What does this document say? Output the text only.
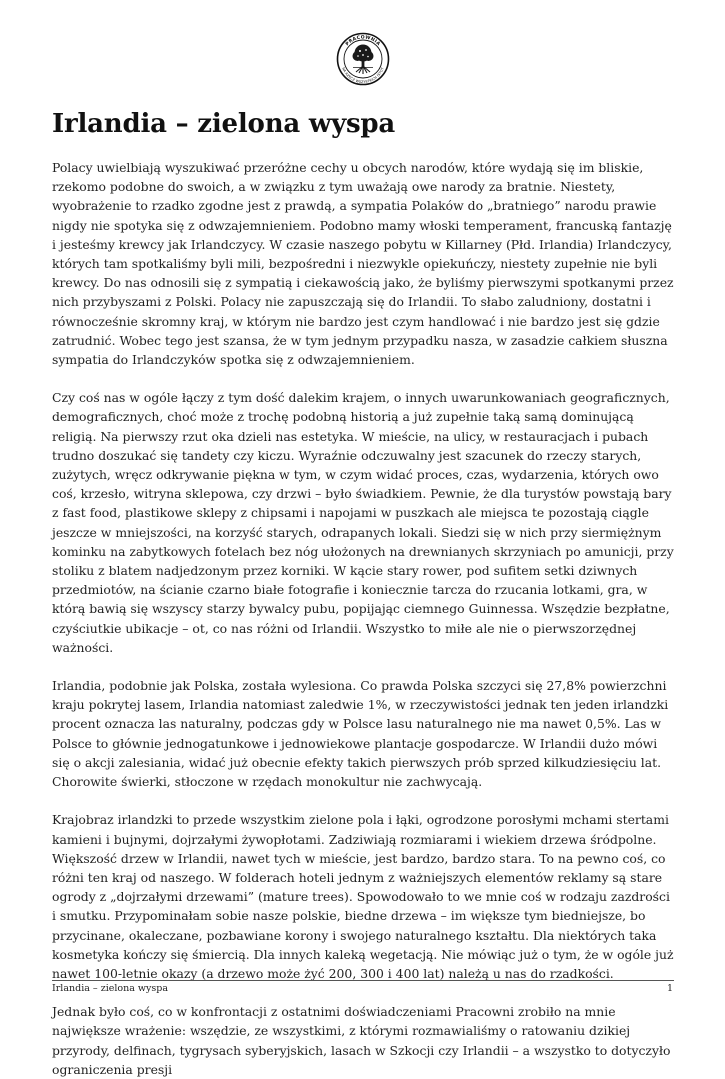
PRACOWNIA
NA RZECZ WSZYSTKICH ISTOT
Irlandia – zielona wyspa

Polacy uwielbiają wyszukiwać przeróżne cechy u obcych narodów, które wydają się im bliskie, rzekomo podobne do swoich, a w związku z tym uważają owe narody za bratnie. Niestety, wyobrażenie to rzadko zgodne jest z prawdą, a sympatia Polaków do „bratniego” narodu prawie nigdy nie spotyka się z odwzajemnieniem. Podobno mamy włoski temperament, francuską fantazję i jesteśmy krewcy jak Irlandczycy. W czasie naszego pobytu w Killarney (Płd. Irlandia) Irlandczycy, których tam spotkaliśmy byli mili, bezpośredni i niezwykle opiekuńczy, niestety zupełnie nie byli krewcy. Do nas odnosili się z sympatią i ciekawością jako, że byliśmy pierwszymi spotkanymi przez nich przybyszami z Polski. Polacy nie zapuszczają się do Irlandii. To słabo zaludniony, dostatni i równocześnie skromny kraj, w którym nie bardzo jest czym handlować i nie bardzo jest się gdzie zatrudnić. Wobec tego jest szansa, że w tym jednym przypadku nasza, w zasadzie całkiem słuszna sympatia do Irlandczyków spotka się z odwzajemnieniem.

Czy coś nas w ogóle łączy z tym dość dalekim krajem, o innych uwarunkowaniach geograficznych, demograficznych, choć może z trochę podobną historią a już zupełnie taką samą dominującą religią. Na pierwszy rzut oka dzieli nas estetyka. W mieście, na ulicy, w restauracjach i pubach trudno doszukać się tandety czy kiczu. Wyraźnie odczuwalny jest szacunek do rzeczy starych, zużytych, wręcz odkrywanie piękna w tym, w czym widać proces, czas, wydarzenia, których owo coś, krzesło, witryna sklepowa, czy drzwi – było świadkiem. Pewnie, że dla turystów powstają bary z fast food, plastikowe sklepy z chipsami i napojami w puszkach ale miejsca te pozostają ciągle jeszcze w mniejszości, na korzyść starych, odrapanych lokali. Siedzi się w nich przy siermiężnym kominku na zabytkowych fotelach bez nóg ułożonych na drewnianych skrzyniach po amunicji, przy stoliku z blatem nadjedzonym przez korniki. W kącie stary rower, pod sufitem setki dziwnych przedmiotów, na ścianie czarno białe fotografie i koniecznie tarcza do rzucania lotkami, gra, w którą bawią się wszyscy starzy bywalcy pubu, popijając ciemnego Guinnessa. Wszędzie bezpłatne, czyściutkie ubikacje – ot, co nas różni od Irlandii. Wszystko to miłe ale nie o pierwszorzędnej ważności.

Irlandia, podobnie jak Polska, została wylesiona. Co prawda Polska szczyci się 27,8% powierzchni kraju pokrytej lasem, Irlandia natomiast zaledwie 1%, w rzeczywistości jednak ten jeden irlandzki procent oznacza las naturalny, podczas gdy w Polsce lasu naturalnego nie ma nawet 0,5%. Las w Polsce to głównie jednogatunkowe i jednowiekowe plantacje gospodarcze. W Irlandii dużo mówi się o akcji zalesiania, widać już obecnie efekty takich pierwszych prób sprzed kilkudziesięciu lat. Chorowite świerki, stłoczone w rzędach monokultur nie zachwycają.

Krajobraz irlandzki to przede wszystkim zielone pola i łąki, ogrodzone porosłymi mchami stertami kamieni i bujnymi, dojrzałymi żywopłotami. Zadziwiają rozmiarami i wiekiem drzewa śródpolne. Większość drzew w Irlandii, nawet tych w mieście, jest bardzo, bardzo stara. To na pewno coś, co różni ten kraj od naszego. W folderach hoteli jednym z ważniejszych elementów reklamy są stare ogrody z „dojrzałymi drzewami” (mature trees). Spowodowało to we mnie coś w rodzaju zazdrości i smutku. Przypominałam sobie nasze polskie, biedne drzewa – im większe tym biedniejsze, bo przycinane, okaleczane, pozbawiane korony i swojego naturalnego kształtu. Dla niektórych taka kosmetyka kończy się śmiercią. Dla innych kaleką wegetacją. Nie mówiąc już o tym, że w ogóle już nawet 100-letnie okazy (a drzewo może żyć 200, 300 i 400 lat) należą u nas do rzadkości.

Jednak było coś, co w konfrontacji z ostatnimi doświadczeniami Pracowni zrobiło na mnie największe wrażenie: wszędzie, ze wszystkimi, z którymi rozmawialiśmy o ratowaniu dzikiej przyrody, delfinach, tygrysach syberyjskich, lasach w Szkocji czy Irlandii – a wszystko to dotyczyło ograniczenia presji

Irlandia – zielona wyspa	1
